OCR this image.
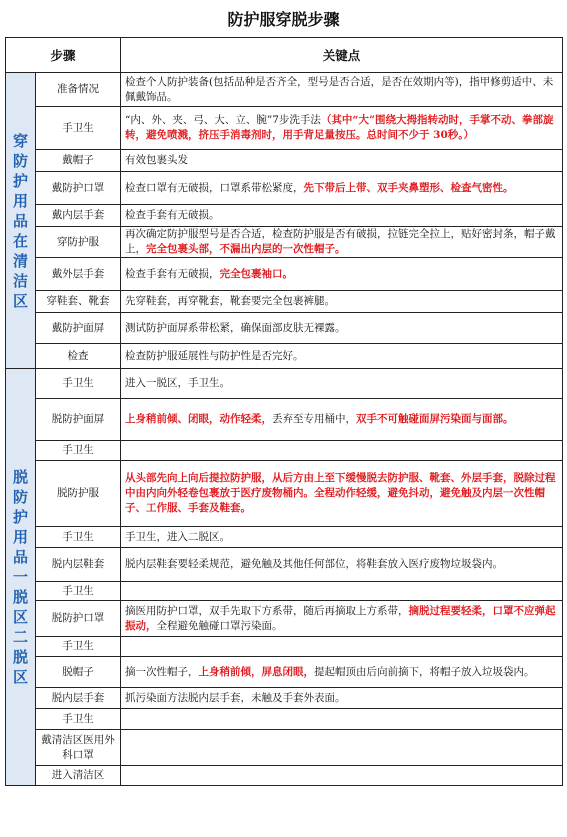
防护服穿脱步骤
步骤		关键点
穿防护用品 在清洁区	准备情况	检查个人防护装备(包括品种是否齐全，型号是否合适，是否在效期内等)，指甲修剪适中、未佩戴饰品。
	手卫生	“内、外、夹、弓、大、立、腕”7步洗手法（其中“大”围绕大拇指转动时，手掌不动、拳部旋转，避免喷溅，挤压手消毒剂时，用手背足量按压。总时间不少于 30秒。）
	戴帽子	有效包裹头发
	戴防护口罩	检查口罩有无破损，口罩系带松紧度，先下带后上带、双手夹鼻塑形、检查气密性。
	戴内层手套	检查手套有无破损。
	穿防护服	再次确定防护服型号是否合适，检查防护服是否有破损，拉链完全拉上，贴好密封条，帽子戴上，完全包裹头部，不漏出内层的一次性帽子。
	戴外层手套	检查手套有无破损，完全包裹袖口。
	穿鞋套、靴套	先穿鞋套，再穿靴套，靴套要完全包裹裤腿。
	戴防护面屏	测试防护面屏系带松紧，确保面部皮肤无裸露。
	检查	检查防护服延展性与防护性是否完好。
脱防护用品 一脱区二脱区	手卫生	进入一脱区，手卫生。
	脱防护面屏	上身稍前倾、闭眼，动作轻柔，丢弃至专用桶中，双手不可触碰面屏污染面与面部。
	手卫生	
	脱防护服	从头部先向上向后提拉防护服，从后方由上至下缓慢脱去防护服、靴套、外层手套，脱除过程中由内向外轻卷包裹放于医疗废物桶内。全程动作轻缓，避免抖动，避免触及内层一次性帽子、工作服、手套及鞋套。
	手卫生	手卫生，进入二脱区。
	脱内层鞋套	脱内层鞋套要轻柔规范，避免触及其他任何部位，将鞋套放入医疗废物垃圾袋内。
	手卫生	
	脱防护口罩	摘医用防护口罩，双手先取下方系带，随后再摘取上方系带，摘脱过程要轻柔，口罩不应弹起振动，全程避免触碰口罩污染面。
	手卫生	
	脱帽子	摘一次性帽子，上身稍前倾，屏息闭眼，提起帽顶由后向前摘下，将帽子放入垃圾袋内。
	脱内层手套	抓污染面方法脱内层手套，未触及手套外表面。
	手卫生	
	戴清洁区医用外科口罩	
	进入清洁区	
